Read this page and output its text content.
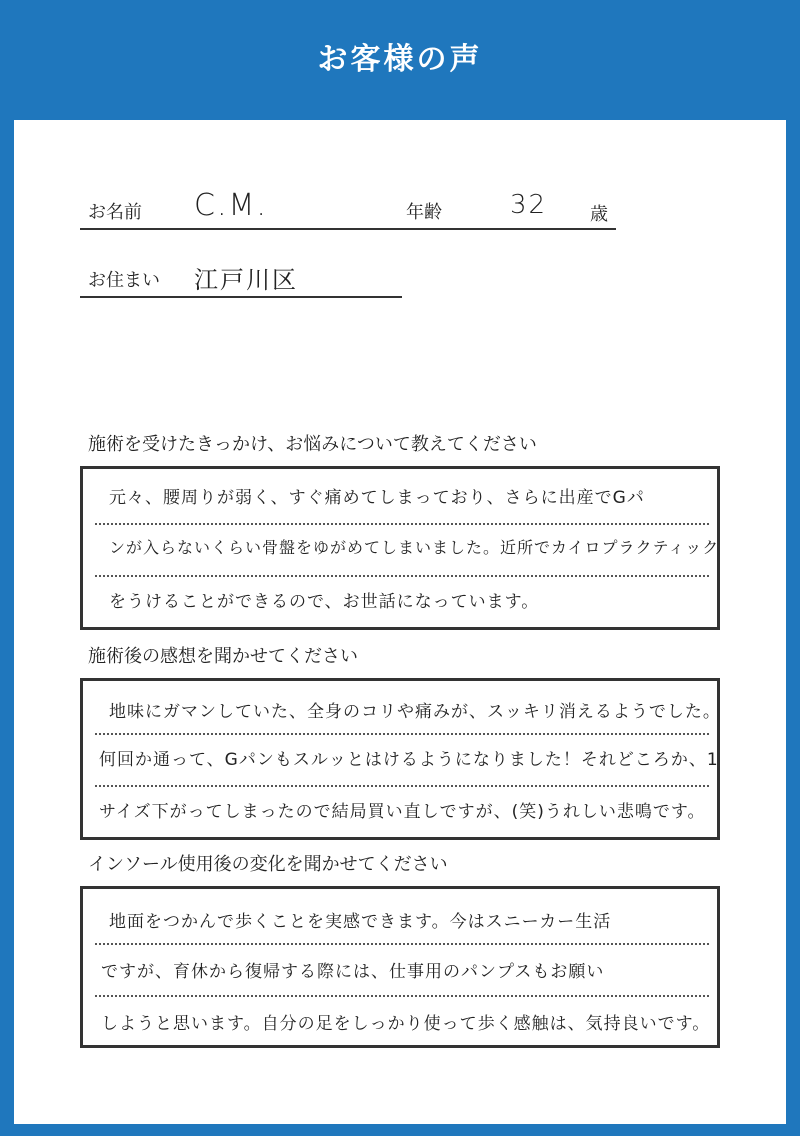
お客様の声
お名前 C.M.	年齢	32 歳
お住まい 江戸川区
施術を受けたきっかけ、お悩みについて教えてください
元々、腰周りが弱く、すぐ痛めてしまっており、さらに出産でGパ
ンが入らないくらい骨盤をゆがめてしまいました。近所でカイロプラクティック
をうけることができるので、お世話になっています。
施術後の感想を聞かせてください
地味にガマンしていた、全身のコリや痛みが、スッキリ消えるようでした。
何回か通って、Gパンもスルッとはけるようになりました！それどころか、1
サイズ下がってしまったので結局買い直しですが、(笑)うれしい悲鳴です。
インソール使用後の変化を聞かせてください
地面をつかんで歩くことを実感できます。今はスニーカー生活
ですが、育休から復帰する際には、仕事用のパンプスもお願い
しようと思います。自分の足をしっかり使って歩く感触は、気持良いです。
